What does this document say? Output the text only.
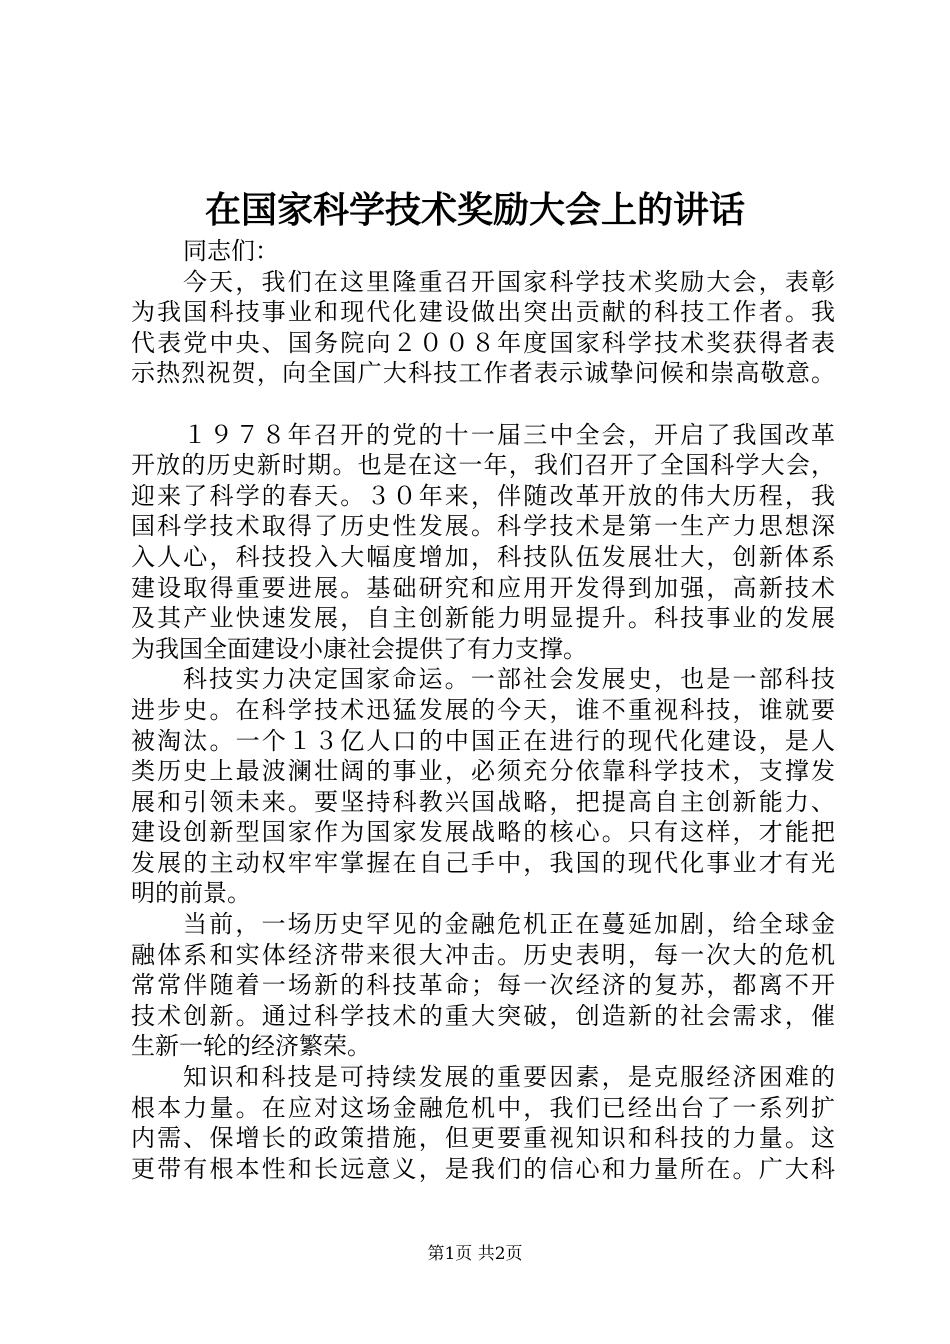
在国家科学技术奖励大会上的讲话
同志们：
今天，我们在这里隆重召开国家科学技术奖励大会，表彰
为我国科技事业和现代化建设做出突出贡献的科技工作者。我
代表党中央、国务院向２００８年度国家科学技术奖获得者表
示热烈祝贺，向全国广大科技工作者表示诚挚问候和崇高敬意。
１９７８年召开的党的十一届三中全会，开启了我国改革
开放的历史新时期。也是在这一年，我们召开了全国科学大会，
迎来了科学的春天。３０年来，伴随改革开放的伟大历程，我
国科学技术取得了历史性发展。科学技术是第一生产力思想深
入人心，科技投入大幅度增加，科技队伍发展壮大，创新体系
建设取得重要进展。基础研究和应用开发得到加强，高新技术
及其产业快速发展，自主创新能力明显提升。科技事业的发展
为我国全面建设小康社会提供了有力支撑。
科技实力决定国家命运。一部社会发展史，也是一部科技
进步史。在科学技术迅猛发展的今天，谁不重视科技，谁就要
被淘汰。一个１３亿人口的中国正在进行的现代化建设，是人
类历史上最波澜壮阔的事业，必须充分依靠科学技术，支撑发
展和引领未来。要坚持科教兴国战略，把提高自主创新能力、
建设创新型国家作为国家发展战略的核心。只有这样，才能把
发展的主动权牢牢掌握在自己手中，我国的现代化事业才有光
明的前景。
当前，一场历史罕见的金融危机正在蔓延加剧，给全球金
融体系和实体经济带来很大冲击。历史表明，每一次大的危机
常常伴随着一场新的科技革命；每一次经济的复苏，都离不开
技术创新。通过科学技术的重大突破，创造新的社会需求，催
生新一轮的经济繁荣。
知识和科技是可持续发展的重要因素，是克服经济困难的
根本力量。在应对这场金融危机中，我们已经出台了一系列扩
内需、保增长的政策措施，但更要重视知识和科技的力量。这
更带有根本性和长远意义，是我们的信心和力量所在。广大科
第1页 共2页
